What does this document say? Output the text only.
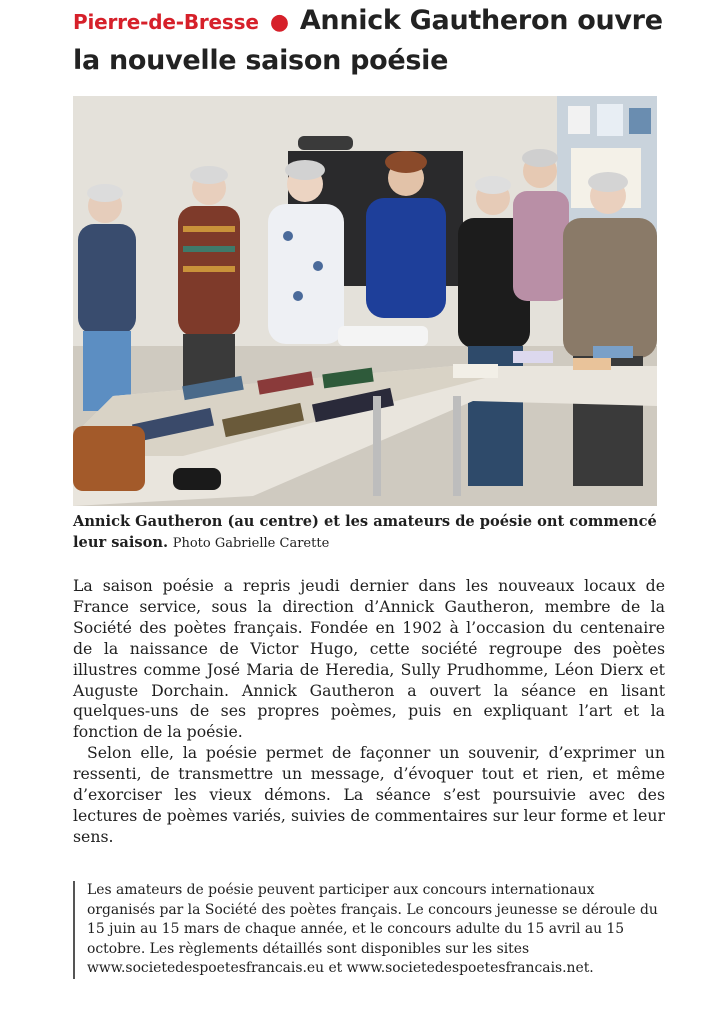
Pierre-de-Bresse ● Annick Gautheron ouvre la nouvelle saison poésie
Annick Gautheron (au centre) et les amateurs de poésie ont commencé leur saison. Photo Gabrielle Carette

La saison poésie a repris jeudi dernier dans les nouveaux locaux de France service, sous la direction d’Annick Gautheron, membre de la Société des poètes français. Fondée en 1902 à l’occasion du centenaire de la naissance de Victor Hugo, cette société regroupe des poètes illustres comme José Maria de Heredia, Sully Prudhomme, Léon Dierx et Auguste Dorchain. Annick Gautheron a ouvert la séance en lisant quelques-uns de ses propres poèmes, puis en expliquant l’art et la fonction de la poésie.

Selon elle, la poésie permet de façonner un souvenir, d’exprimer un ressenti, de transmettre un message, d’évoquer tout et rien, et même d’exorciser les vieux démons. La séance s’est poursuivie avec des lectures de poèmes variés, suivies de commentaires sur leur forme et leur sens.

Les amateurs de poésie peuvent participer aux concours internationaux organisés par la Société des poètes français. Le concours jeunesse se déroule du 15 juin au 15 mars de chaque année, et le concours adulte du 15 avril au 15 octobre. Les règlements détaillés sont disponibles sur les sites www.societedespoetesfrancais.eu et www.societedespoetesfrancais.net.
